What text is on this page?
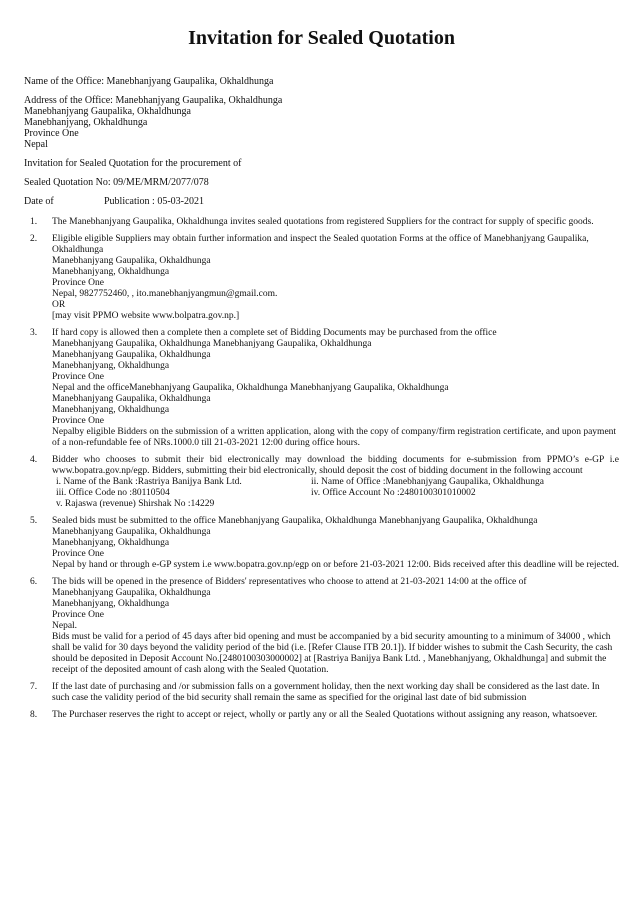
Invitation for Sealed Quotation

Name of the Office: Manebhanjyang Gaupalika, Okhaldhunga

Address of the Office: Manebhanjyang Gaupalika, Okhaldhunga
Manebhanjyang Gaupalika, Okhaldhunga
Manebhanjyang, Okhaldhunga
Province One
Nepal

Invitation for Sealed Quotation for the procurement of

Sealed Quotation No: 09/ME/MRM/2077/078

Date of	Publication : 05-03-2021
1. The Manebhanjyang Gaupalika, Okhaldhunga invites sealed quotations from registered Suppliers for the contract for supply of specific goods.
2. Eligible eligible Suppliers may obtain further information and inspect the Sealed quotation Forms at the office of Manebhanjyang Gaupalika, Okhaldhunga
Manebhanjyang Gaupalika, Okhaldhunga
Manebhanjyang, Okhaldhunga
Province One
Nepal, 9827752460, , ito.manebhanjyangmun@gmail.com.
OR
[may visit PPMO website www.bolpatra.gov.np.]
3. If hard copy is allowed then a complete then a complete set of Bidding Documents may be purchased from the office
Manebhanjyang Gaupalika, Okhaldhunga Manebhanjyang Gaupalika, Okhaldhunga
Manebhanjyang Gaupalika, Okhaldhunga
Manebhanjyang, Okhaldhunga
Province One
Nepal and the officeManebhanjyang Gaupalika, Okhaldhunga Manebhanjyang Gaupalika, Okhaldhunga
Manebhanjyang Gaupalika, Okhaldhunga
Manebhanjyang, Okhaldhunga
Province One
Nepalby eligible Bidders on the submission of a written application, along with the copy of company/firm registration certificate, and upon payment of a non-refundable fee of NRs.1000.0 till 21-03-2021 12:00 during office hours.
4. Bidder who chooses to submit their bid electronically may download the bidding documents for e-submission from PPMO’s e-GP i.e www.bopatra.gov.np/egp. Bidders, submitting their bid electronically, should deposit the cost of bidding document in the following account
i. Name of the Bank :Rastriya Banijya Bank Ltd.	ii. Name of Office :Manebhanjyang Gaupalika, Okhaldhunga
iii. Office Code no :80110504	iv. Office Account No :2480100301010002
v. Rajaswa (revenue) Shirshak No :14229
5. Sealed bids must be submitted to the office Manebhanjyang Gaupalika, Okhaldhunga Manebhanjyang Gaupalika, Okhaldhunga
Manebhanjyang Gaupalika, Okhaldhunga
Manebhanjyang, Okhaldhunga
Province One
Nepal by hand or through e-GP system i.e www.bopatra.gov.np/egp on or before 21-03-2021 12:00. Bids received after this deadline will be rejected.
6. The bids will be opened in the presence of Bidders' representatives who choose to attend at 21-03-2021 14:00 at the office of
Manebhanjyang Gaupalika, Okhaldhunga
Manebhanjyang, Okhaldhunga
Province One
Nepal.
Bids must be valid for a period of 45 days after bid opening and must be accompanied by a bid security amounting to a minimum of 34000 , which shall be valid for 30 days beyond the validity period of the bid (i.e. [Refer Clause ITB 20.1]). If bidder wishes to submit the Cash Security, the cash should be deposited in Deposit Account No.[2480100303000002] at [Rastriya Banijya Bank Ltd. , Manebhanjyang, Okhaldhunga] and submit the receipt of the deposited amount of cash along with the Sealed Quotation.
7. If the last date of purchasing and /or submission falls on a government holiday, then the next working day shall be considered as the last date. In such case the validity period of the bid security shall remain the same as specified for the original last date of bid submission
8. The Purchaser reserves the right to accept or reject, wholly or partly any or all the Sealed Quotations without assigning any reason, whatsoever.
